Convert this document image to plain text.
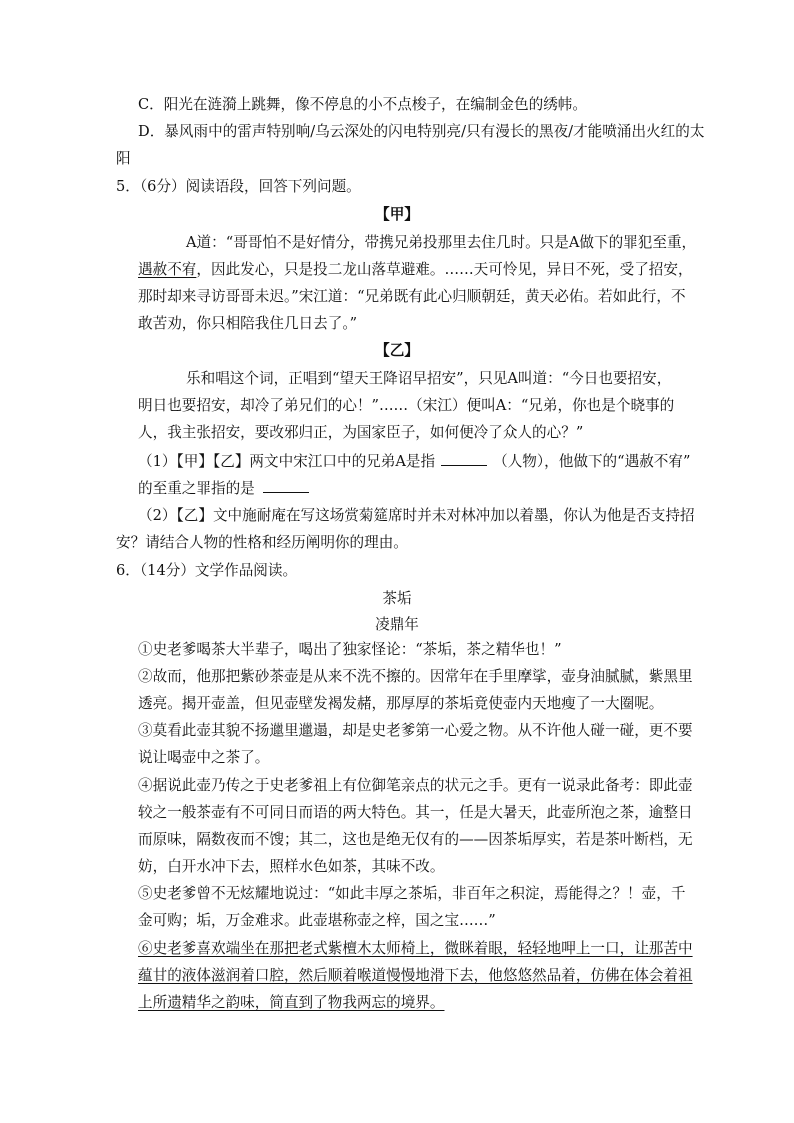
C．阳光在涟漪上跳舞，像不停息的小不点梭子，在编制金色的绣帏。
D．暴风雨中的雷声特别响/乌云深处的闪电特别亮/只有漫长的黑夜/才能喷涌出火红的太
阳
5．（6分）阅读语段，回答下列问题。
【甲】
A道：“哥哥怕不是好情分，带携兄弟投那里去住几时。只是A做下的罪犯至重，
遇赦不宥，因此发心，只是投二龙山落草避难。……天可怜见，异日不死，受了招安，
那时却来寻访哥哥未迟。”宋江道：“兄弟既有此心归顺朝廷，黄天必佑。若如此行，不
敢苦劝，你只相陪我住几日去了。”
【乙】
乐和唱这个词，正唱到“望天王降诏早招安”，只见A叫道：“今日也要招安，
明日也要招安，却冷了弟兄们的心！”……（宋江）便叫A：“兄弟，你也是个晓事的
人，我主张招安，要改邪归正，为国家臣子，如何便冷了众人的心？”
（1）【甲】【乙】两文中宋江口中的兄弟A是指	（人物），他做下的“遇赦不宥”
的至重之罪指的是
（2）【乙】文中施耐庵在写这场赏菊筵席时并未对林冲加以着墨，你认为他是否支持招
安？请结合人物的性格和经历阐明你的理由。
6．（14分）文学作品阅读。
茶垢
凌鼎年
①史老爹喝茶大半辈子，喝出了独家怪论：“茶垢，茶之精华也！”
②故而，他那把紫砂茶壶是从来不洗不擦的。因常年在手里摩挲，壶身油腻腻，紫黑里
透亮。揭开壶盖，但见壶壁发褐发赭，那厚厚的茶垢竟使壶内天地瘦了一大圈呢。
③莫看此壶其貌不扬邋里邋遢，却是史老爹第一心爱之物。从不许他人碰一碰，更不要
说让喝壶中之茶了。
④据说此壶乃传之于史老爹祖上有位御笔亲点的状元之手。更有一说录此备考：即此壶
较之一般茶壶有不可同日而语的两大特色。其一，任是大暑天，此壶所泡之茶，逾整日
而原味，隔数夜而不馊；其二，这也是绝无仅有的——因茶垢厚实，若是茶叶断档，无
妨，白开水冲下去，照样水色如茶，其味不改。
⑤史老爹曾不无炫耀地说过：“如此丰厚之茶垢，非百年之积淀，焉能得之？！壶，千
金可购；垢，万金难求。此壶堪称壶之梓，国之宝……”
⑥史老爹喜欢端坐在那把老式紫檀木太师椅上，微眯着眼，轻轻地呷上一口，让那苦中
蕴甘的液体滋润着口腔，然后顺着喉道慢慢地滑下去，他悠悠然品着，仿佛在体会着祖
上所遗精华之韵味，简直到了物我两忘的境界。
